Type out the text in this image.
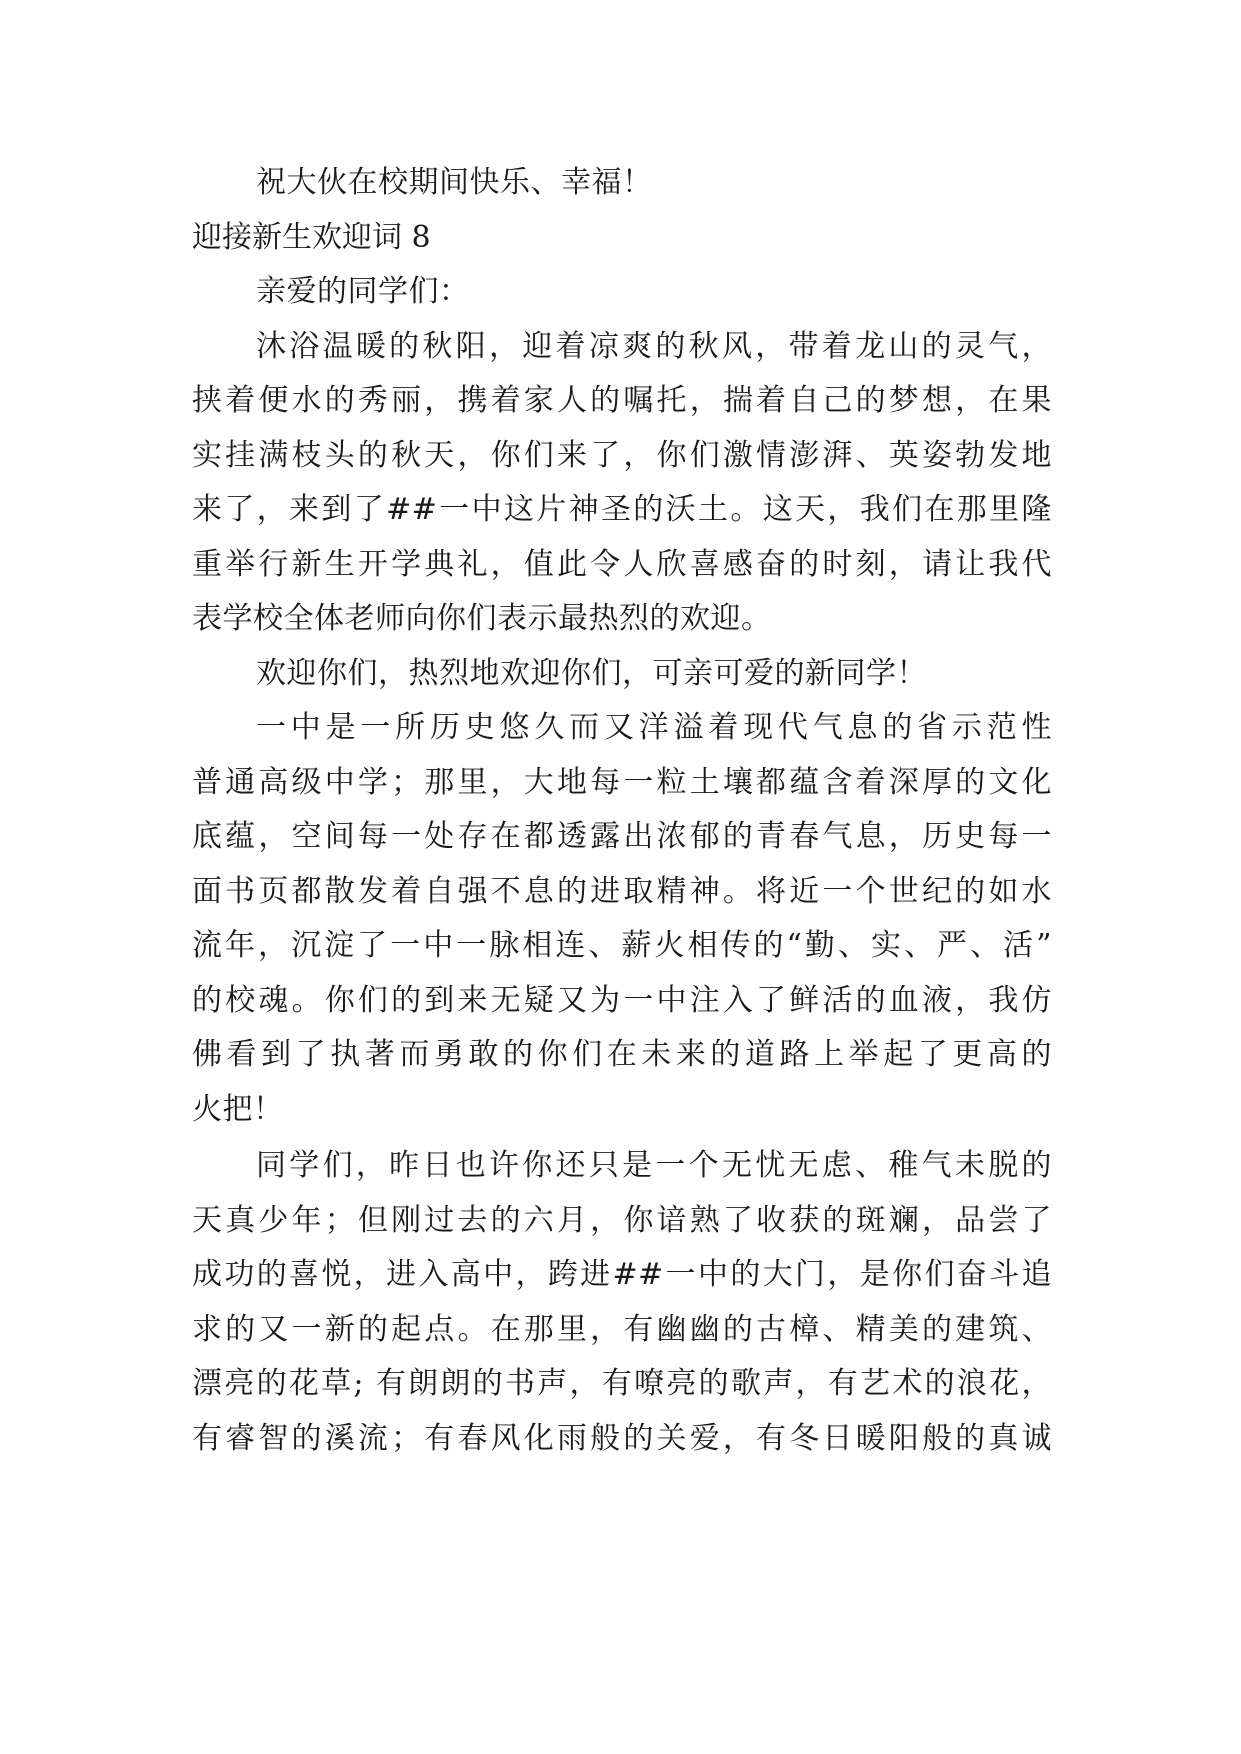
祝大伙在校期间快乐、幸福！
迎接新生欢迎词 8
亲爱的同学们：
沐浴温暖的秋阳，迎着凉爽的秋风，带着龙山的灵气，
挟着便水的秀丽，携着家人的嘱托，揣着自己的梦想，在果
实挂满枝头的秋天，你们来了，你们激情澎湃、英姿勃发地
来了，来到了##一中这片神圣的沃土。这天，我们在那里隆
重举行新生开学典礼，值此令人欣喜感奋的时刻，请让我代
表学校全体老师向你们表示最热烈的欢迎。
欢迎你们，热烈地欢迎你们，可亲可爱的新同学！
一中是一所历史悠久而又洋溢着现代气息的省示范性
普通高级中学；那里，大地每一粒土壤都蕴含着深厚的文化
底蕴，空间每一处存在都透露出浓郁的青春气息，历史每一
面书页都散发着自强不息的进取精神。将近一个世纪的如水
流年，沉淀了一中一脉相连、薪火相传的“勤、实、严、活”
的校魂。你们的到来无疑又为一中注入了鲜活的血液，我仿
佛看到了执著而勇敢的你们在未来的道路上举起了更高的
火把！
同学们，昨日也许你还只是一个无忧无虑、稚气未脱的
天真少年；但刚过去的六月，你谙熟了收获的斑斓，品尝了
成功的喜悦，进入高中，跨进##一中的大门，是你们奋斗追
求的又一新的起点。在那里，有幽幽的古樟、精美的建筑、
漂亮的花草; 有朗朗的书声，有嘹亮的歌声，有艺术的浪花，
有睿智的溪流；有春风化雨般的关爱，有冬日暖阳般的真诚
